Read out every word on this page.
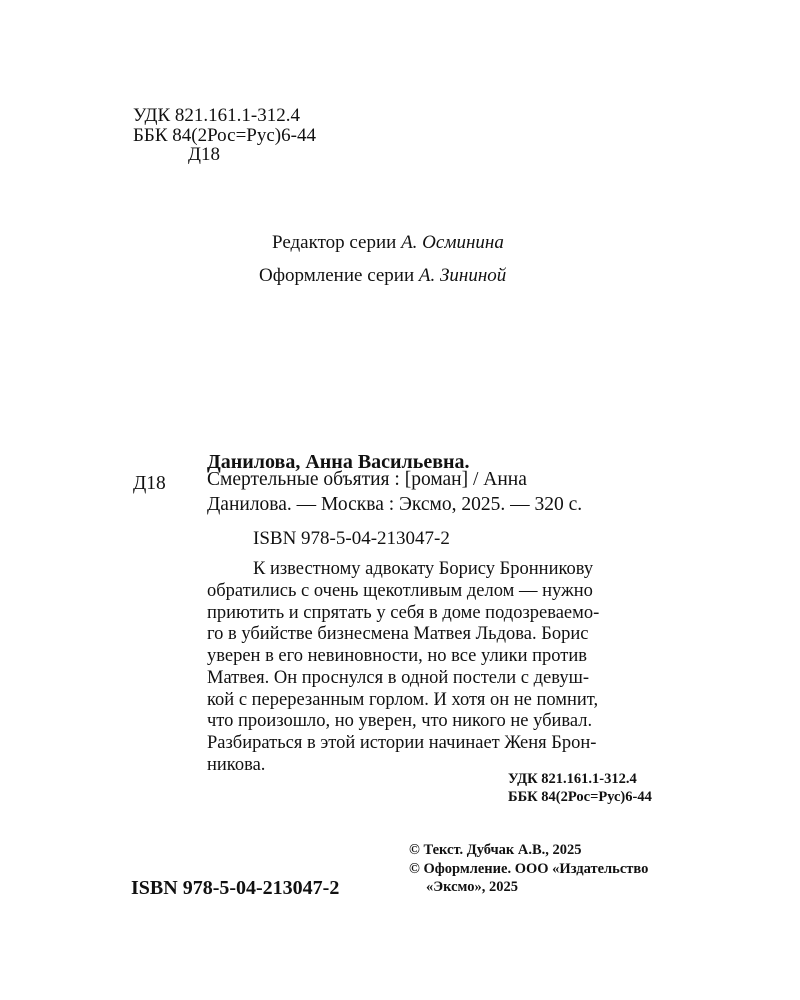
УДК 821.161.1-312.4
ББК 84(2Рос=Рус)6-44
Д18
Редактор серии А. Осминина
Оформление серии А. Зининой
Данилова, Анна Васильевна.
Д18 Смертельные объятия : [роман] / Анна
Данилова. — Москва : Эксмо, 2025. — 320 с.
ISBN 978-5-04-213047-2
К известному адвокату Борису Бронникову
обратились с очень щекотливым делом — нужно
приютить и спрятать у себя в доме подозреваемо-
го в убийстве бизнесмена Матвея Льдова. Борис
уверен в его невиновности, но все улики против
Матвея. Он проснулся в одной постели с девуш-
кой с перерезанным горлом. И хотя он не помнит,
что произошло, но уверен, что никого не убивал.
Разбираться в этой истории начинает Женя Брон-
никова.
УДК 821.161.1-312.4
ББК 84(2Рос=Рус)6-44
© Текст. Дубчак А.В., 2025
© Оформление. ООО «Издательство
«Эксмо», 2025
ISBN 978-5-04-213047-2
